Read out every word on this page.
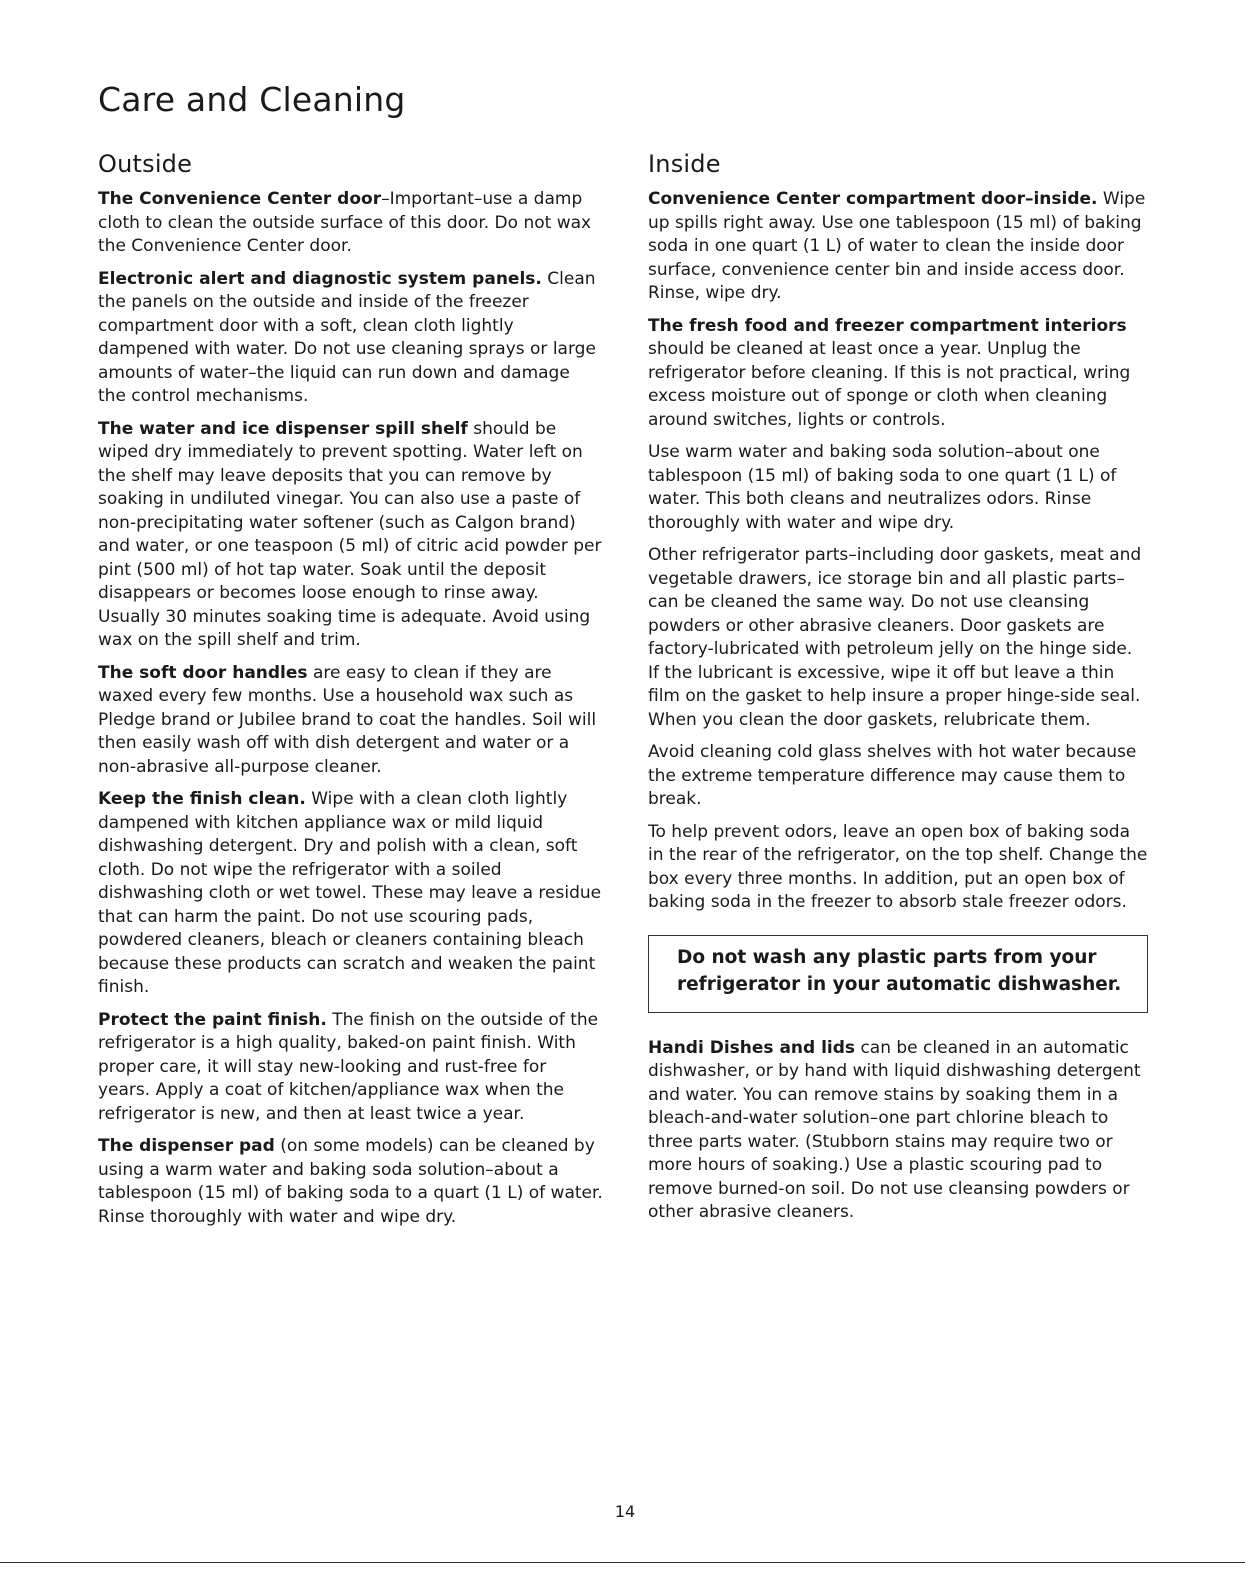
Care and Cleaning
Outside

The Convenience Center door–Important–use a damp cloth to clean the outside surface of this door. Do not wax the Convenience Center door.

Electronic alert and diagnostic system panels. Clean the panels on the outside and inside of the freezer compartment door with a soft, clean cloth lightly dampened with water. Do not use cleaning sprays or large amounts of water–the liquid can run down and damage the control mechanisms.

The water and ice dispenser spill shelf should be wiped dry immediately to prevent spotting. Water left on the shelf may leave deposits that you can remove by soaking in undiluted vinegar. You can also use a paste of non-precipitating water softener (such as Calgon brand) and water, or one teaspoon (5 ml) of citric acid powder per pint (500 ml) of hot tap water. Soak until the deposit disappears or becomes loose enough to rinse away. Usually 30 minutes soaking time is adequate. Avoid using wax on the spill shelf and trim.

The soft door handles are easy to clean if they are waxed every few months. Use a household wax such as Pledge brand or Jubilee brand to coat the handles. Soil will then easily wash off with dish detergent and water or a non-abrasive all-purpose cleaner.

Keep the finish clean. Wipe with a clean cloth lightly dampened with kitchen appliance wax or mild liquid dishwashing detergent. Dry and polish with a clean, soft cloth. Do not wipe the refrigerator with a soiled dishwashing cloth or wet towel. These may leave a residue that can harm the paint. Do not use scouring pads, powdered cleaners, bleach or cleaners containing bleach because these products can scratch and weaken the paint finish.

Protect the paint finish. The finish on the outside of the refrigerator is a high quality, baked-on paint finish. With proper care, it will stay new-looking and rust-free for years. Apply a coat of kitchen/appliance wax when the refrigerator is new, and then at least twice a year.

The dispenser pad (on some models) can be cleaned by using a warm water and baking soda solution–about a tablespoon (15 ml) of baking soda to a quart (1 L) of water. Rinse thoroughly with water and wipe dry.

Inside

Convenience Center compartment door–inside. Wipe up spills right away. Use one tablespoon (15 ml) of baking soda in one quart (1 L) of water to clean the inside door surface, convenience center bin and inside access door. Rinse, wipe dry.

The fresh food and freezer compartment interiors should be cleaned at least once a year. Unplug the refrigerator before cleaning. If this is not practical, wring excess moisture out of sponge or cloth when cleaning around switches, lights or controls.

Use warm water and baking soda solution–about one tablespoon (15 ml) of baking soda to one quart (1 L) of water. This both cleans and neutralizes odors. Rinse thoroughly with water and wipe dry.

Other refrigerator parts–including door gaskets, meat and vegetable drawers, ice storage bin and all plastic parts–can be cleaned the same way. Do not use cleansing powders or other abrasive cleaners. Door gaskets are factory-lubricated with petroleum jelly on the hinge side. If the lubricant is excessive, wipe it off but leave a thin film on the gasket to help insure a proper hinge-side seal. When you clean the door gaskets, relubricate them.

Avoid cleaning cold glass shelves with hot water because the extreme temperature difference may cause them to break.

To help prevent odors, leave an open box of baking soda in the rear of the refrigerator, on the top shelf. Change the box every three months. In addition, put an open box of baking soda in the freezer to absorb stale freezer odors.

Do not wash any plastic parts from your refrigerator in your automatic dishwasher.

Handi Dishes and lids can be cleaned in an automatic dishwasher, or by hand with liquid dishwashing detergent and water. You can remove stains by soaking them in a bleach-and-water solution–one part chlorine bleach to three parts water. (Stubborn stains may require two or more hours of soaking.) Use a plastic scouring pad to remove burned-on soil. Do not use cleansing powders or other abrasive cleaners.

14
